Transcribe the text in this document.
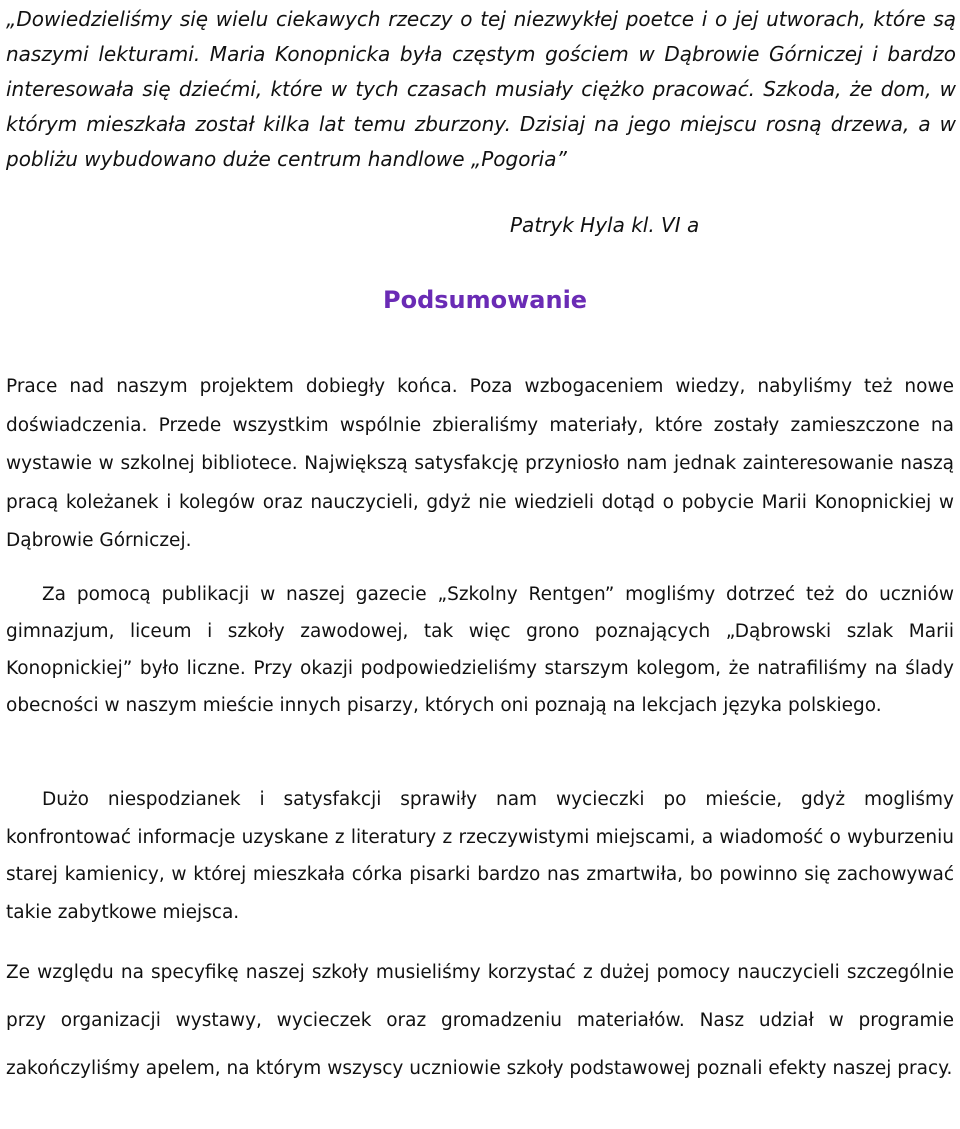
„Dowiedzieliśmy się wielu ciekawych rzeczy o tej niezwykłej poetce i o jej utworach, które są naszymi lekturami. Maria Konopnicka była częstym gościem w Dąbrowie Górniczej i bardzo interesowała się dziećmi, które w tych czasach musiały ciężko pracować. Szkoda, że dom, w którym mieszkała został kilka lat temu zburzony. Dzisiaj na jego miejscu rosną drzewa, a w pobliżu wybudowano duże centrum handlowe „Pogoria”

Patryk Hyla kl. VI a

Podsumowanie

Prace nad naszym projektem dobiegły końca. Poza wzbogaceniem wiedzy, nabyliśmy też nowe doświadczenia. Przede wszystkim wspólnie zbieraliśmy materiały, które zostały zamieszczone na wystawie w szkolnej bibliotece. Największą satysfakcję przyniosło nam jednak zainteresowanie naszą pracą koleżanek i kolegów oraz nauczycieli, gdyż nie wiedzieli dotąd o pobycie Marii Konopnickiej w Dąbrowie Górniczej.

Za pomocą publikacji w naszej gazecie „Szkolny Rentgen” mogliśmy dotrzeć też do uczniów gimnazjum, liceum i szkoły zawodowej, tak więc grono poznających „Dąbrowski szlak Marii Konopnickiej” było liczne. Przy okazji podpowiedzieliśmy starszym kolegom, że natrafiliśmy na ślady obecności w naszym mieście innych pisarzy, których oni poznają na lekcjach języka polskiego.

Dużo niespodzianek i satysfakcji sprawiły nam wycieczki po mieście, gdyż mogliśmy konfrontować informacje uzyskane z literatury z rzeczywistymi miejscami, a wiadomość o wyburzeniu starej kamienicy, w której mieszkała córka pisarki bardzo nas zmartwiła, bo powinno się zachowywać takie zabytkowe miejsca.

Ze względu na specyfikę naszej szkoły musieliśmy korzystać z dużej pomocy nauczycieli szczególnie przy organizacji wystawy, wycieczek oraz gromadzeniu materiałów. Nasz udział w programie zakończyliśmy apelem, na którym wszyscy uczniowie szkoły podstawowej poznali efekty naszej pracy.
